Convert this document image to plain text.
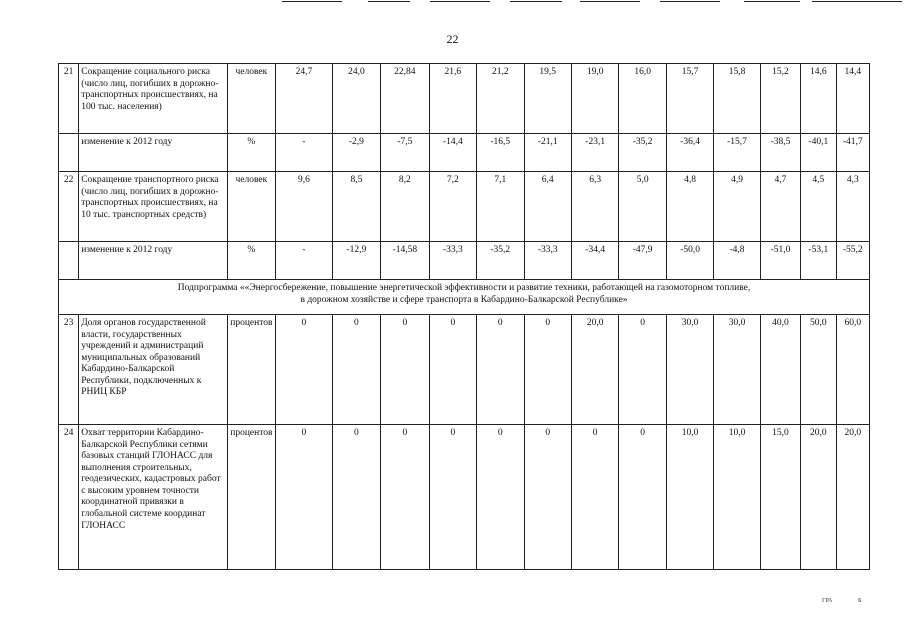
22
21	Сокращение социального риска (число лиц, погибших в дорожно-транспортных происшествиях, на 100 тыс. населения)	человек	24,7	24,0	22,84	21,6	21,2	19,5	19,0	16,0	15,7	15,8	15,2	14,6	14,4
	изменение к 2012 году	%	-	-2,9	-7,5	-14,4	-16,5	-21,1	-23,1	-35,2	-36,4	-15,7	-38,5	-40,1	-41,7
22	Сокращение транспортного риска (число лиц, погибших в дорожно-транспортных происшествиях, на 10 тыс. транспортных средств)	человек	9,6	8,5	8,2	7,2	7,1	6,4	6,3	5,0	4,8	4,9	4,7	4,5	4,3
	изменение к 2012 году	%	-	-12,9	-14,58	-33,3	-35,2	-33,3	-34,4	-47,9	-50,0	-4,8	-51,0	-53,1	-55,2
Подпрограмма ««Энергосбережение, повышение энергетической эффективности и развитие техники, работающей на газомоторном топливе,
в дорожном хозяйстве и сфере транспорта в Кабардино-Балкарской Республике»															
23	Доля органов государственной власти, государственных учреждений и администраций муниципальных образований Кабардино-Балкарской Республики, подключенных к РНИЦ КБР	процентов	0	0	0	0	0	0	20,0	0	30,0	30,0	40,0	50,0	60,0
24	Охват территории Кабардино-Балкарской Республики сетями базовых станций ГЛОНАСС для выполнения строительных, геодезических, кадастровых работ с высоким уровнем точности координатной привязки в глобальной системе координат ГЛОНАСС	процентов	0	0	0	0	0	0	0	0	10,0	10,0	15,0	20,0	20,0
ГРА	Б
